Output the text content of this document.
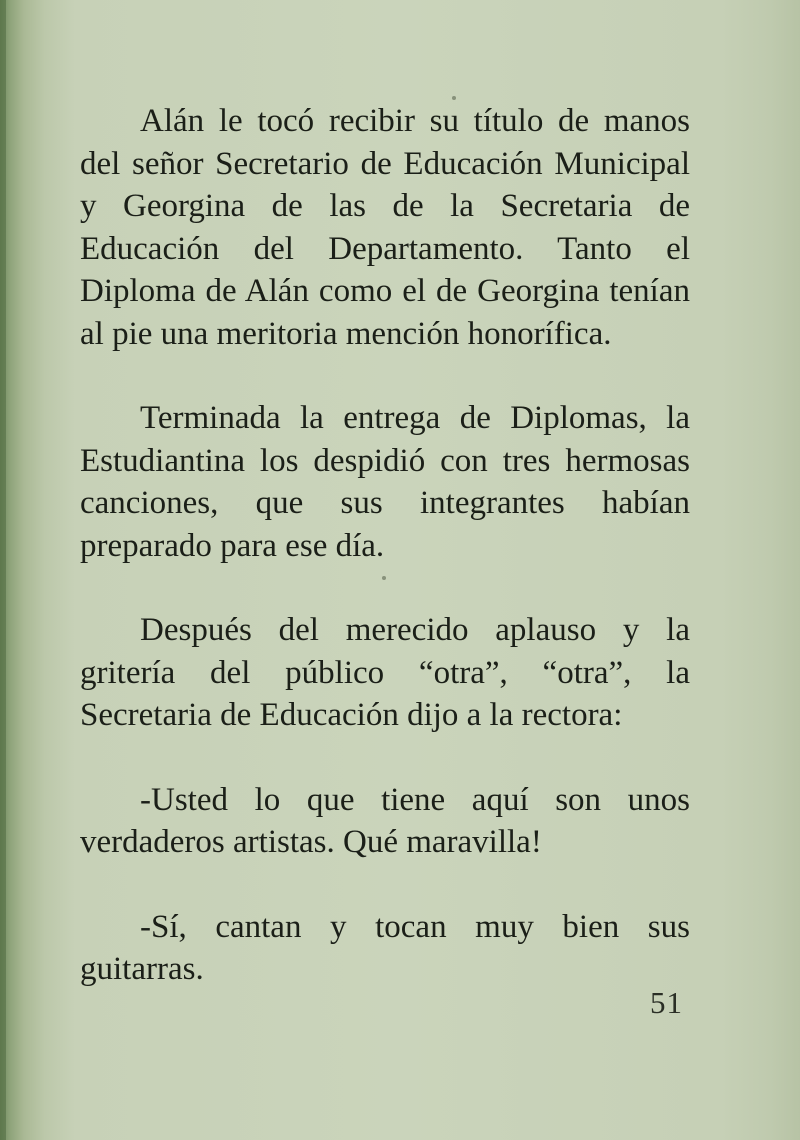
Alán le tocó recibir su título de manos del señor Secretario de Educación Municipal y Georgina de las de la Secretaria de Educación del Departamento. Tanto el Diploma de Alán como el de Georgina tenían al pie una meritoria mención honorífica.

Terminada la entrega de Diplomas, la Estudiantina los despidió con tres hermosas canciones, que sus integrantes habían preparado para ese día.

Después del merecido aplauso y la gritería del público “otra”, “otra”, la Secretaria de Educación dijo a la rectora:

-Usted lo que tiene aquí son unos verdaderos artistas. Qué maravilla!

-Sí, cantan y tocan muy bien sus guitarras.

51
